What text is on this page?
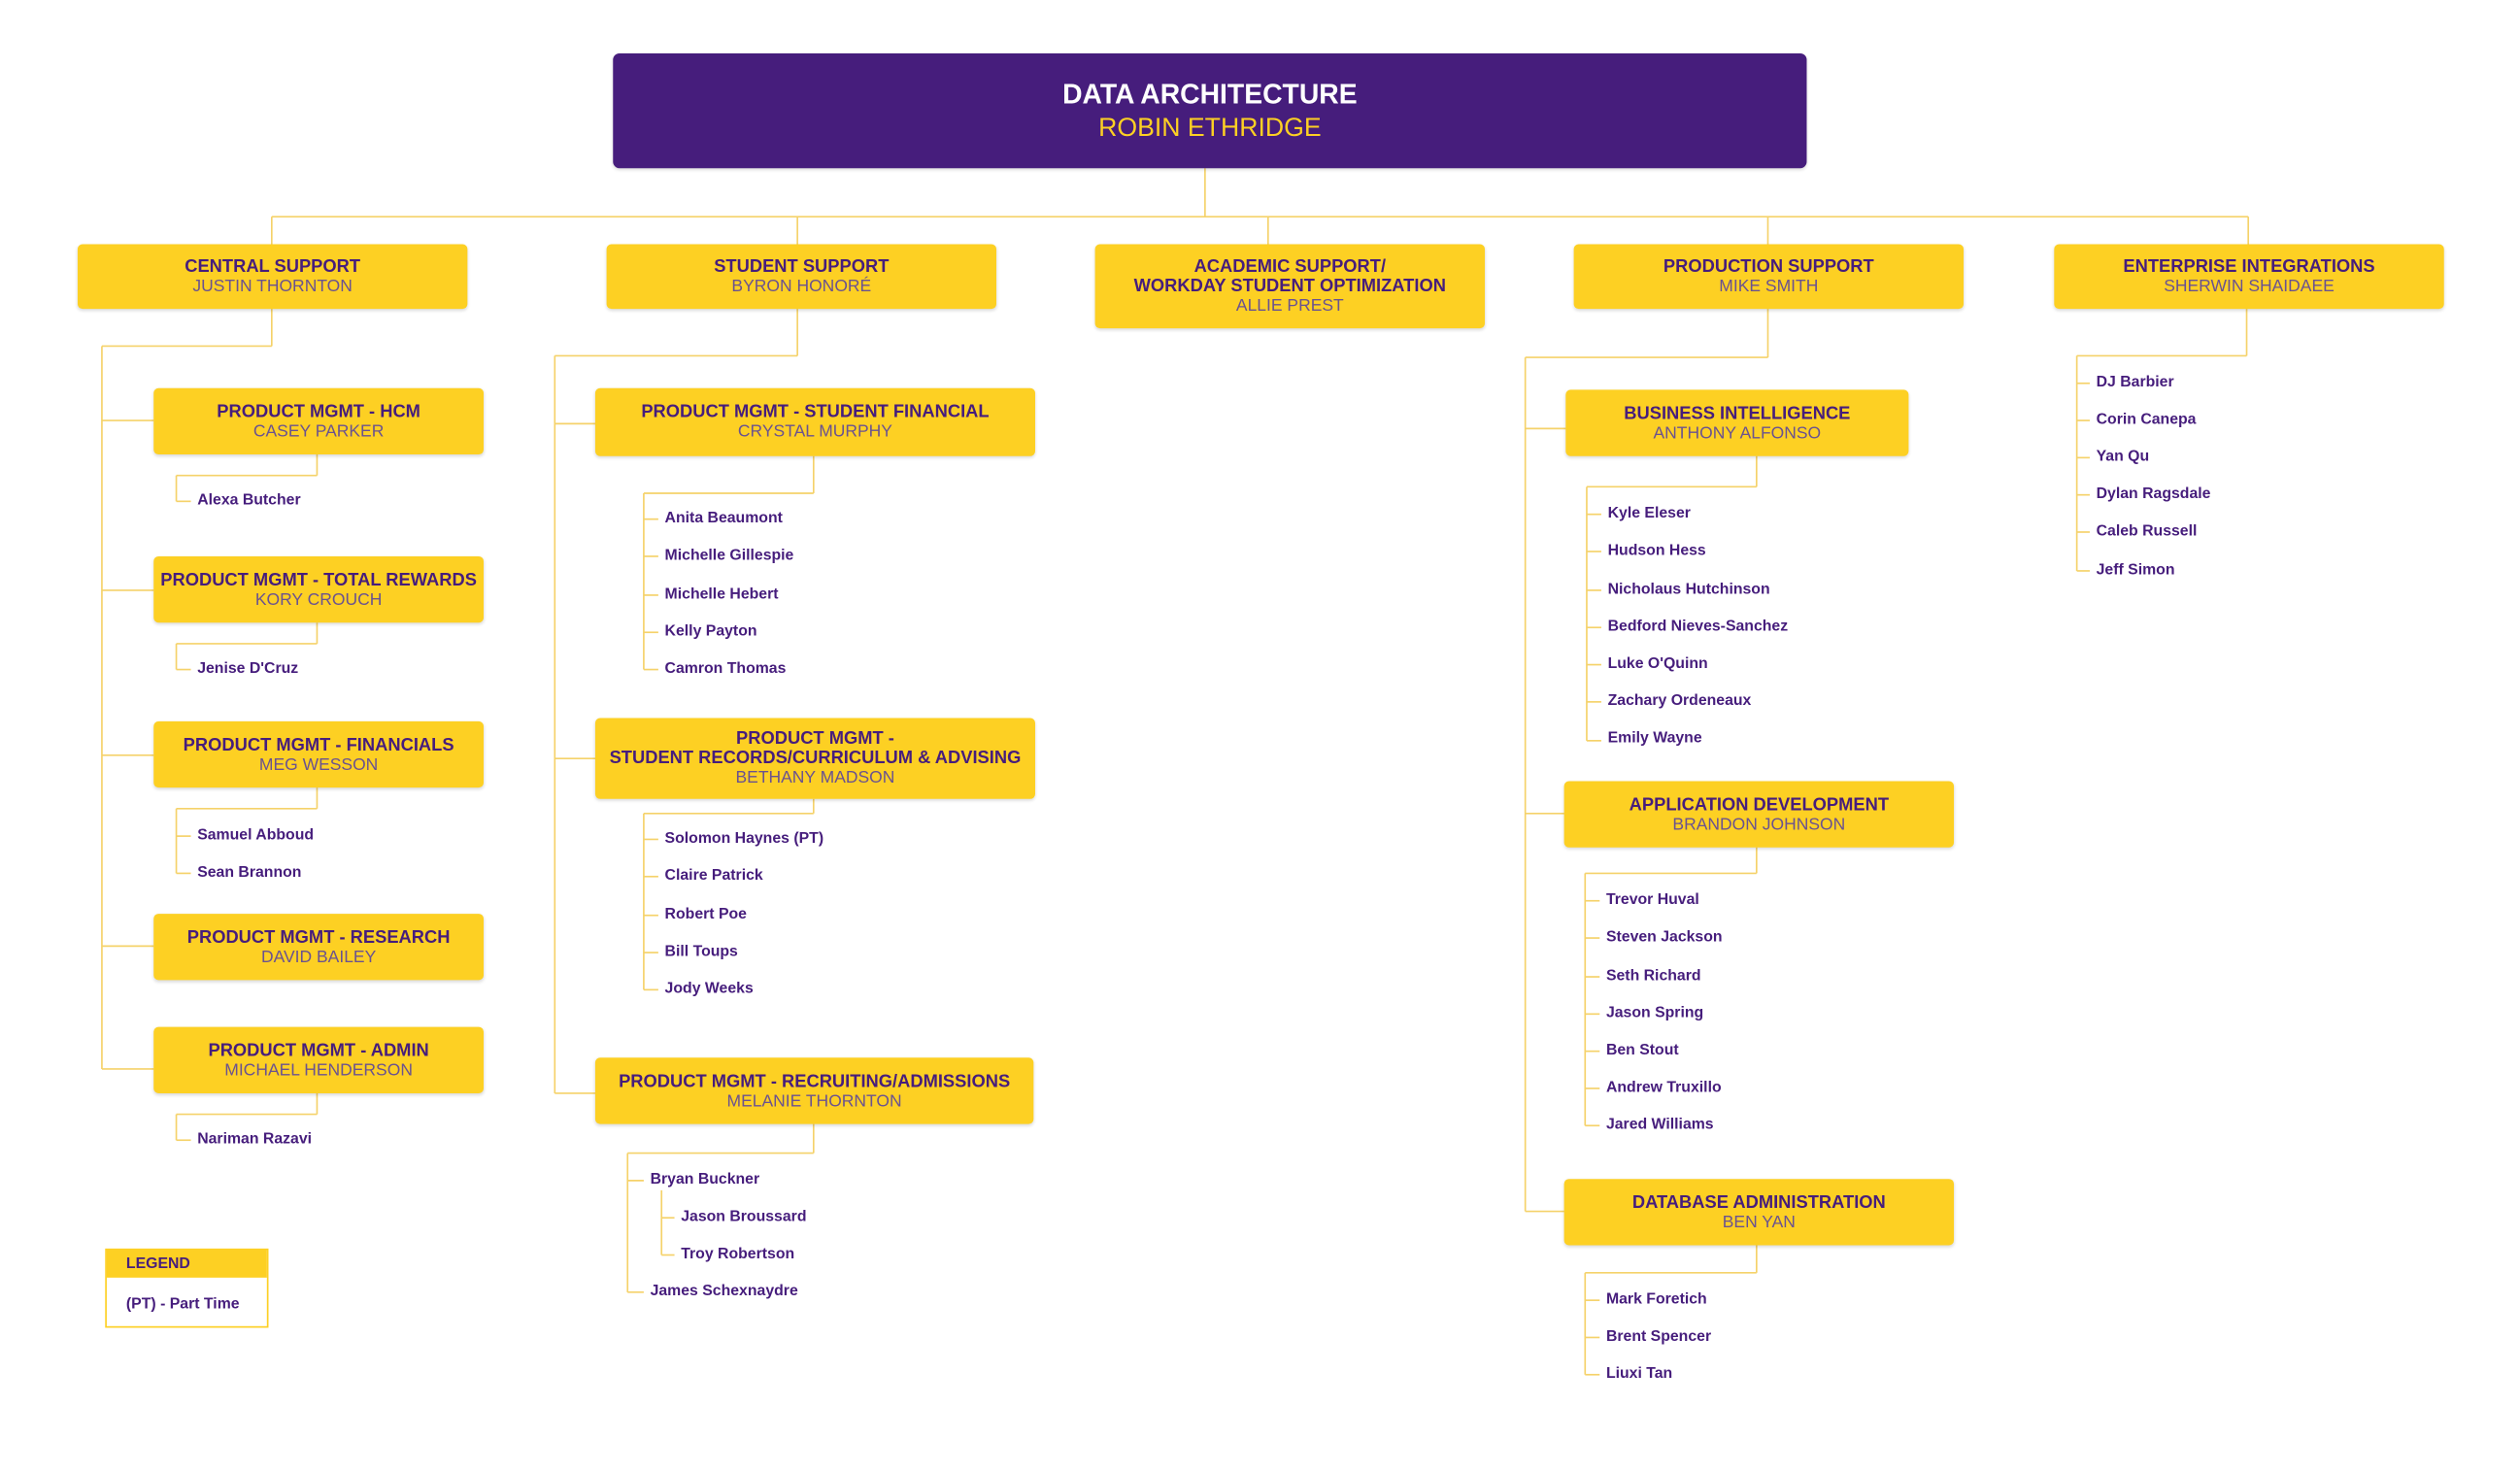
DATA ARCHITECTURE
ROBIN ETHRIDGE
CENTRAL SUPPORT
JUSTIN THORNTON
STUDENT SUPPORT
BYRON HONORÉ
ACADEMIC SUPPORT/
WORKDAY STUDENT OPTIMIZATION
ALLIE PREST
PRODUCTION SUPPORT
MIKE SMITH
ENTERPRISE INTEGRATIONS
SHERWIN SHAIDAEE
PRODUCT MGMT - HCM
CASEY PARKER
PRODUCT MGMT - TOTAL REWARDS
KORY CROUCH
PRODUCT MGMT - FINANCIALS
MEG WESSON
PRODUCT MGMT - RESEARCH
DAVID BAILEY
PRODUCT MGMT - ADMIN
MICHAEL HENDERSON
PRODUCT MGMT - STUDENT FINANCIAL
CRYSTAL MURPHY
PRODUCT MGMT -
STUDENT RECORDS/CURRICULUM & ADVISING
BETHANY MADSON
PRODUCT MGMT - RECRUITING/ADMISSIONS
MELANIE THORNTON
BUSINESS INTELLIGENCE
ANTHONY ALFONSO
APPLICATION DEVELOPMENT
BRANDON JOHNSON
DATABASE ADMINISTRATION
BEN YAN
Alexa Butcher
Jenise D'Cruz
Samuel Abboud
Sean Brannon
Nariman Razavi
Anita Beaumont
Michelle Gillespie
Michelle Hebert
Kelly Payton
Camron Thomas
Solomon Haynes (PT)
Claire Patrick
Robert Poe
Bill Toups
Jody Weeks
Bryan Buckner
Jason Broussard
Troy Robertson
James Schexnaydre
Kyle Eleser
Hudson Hess
Nicholaus Hutchinson
Bedford Nieves-Sanchez
Luke O'Quinn
Zachary Ordeneaux
Emily Wayne
Trevor Huval
Steven Jackson
Seth Richard
Jason Spring
Ben Stout
Andrew Truxillo
Jared Williams
Mark Foretich
Brent Spencer
Liuxi Tan
DJ Barbier
Corin Canepa
Yan Qu
Dylan Ragsdale
Caleb Russell
Jeff Simon
LEGEND
(PT) - Part Time
